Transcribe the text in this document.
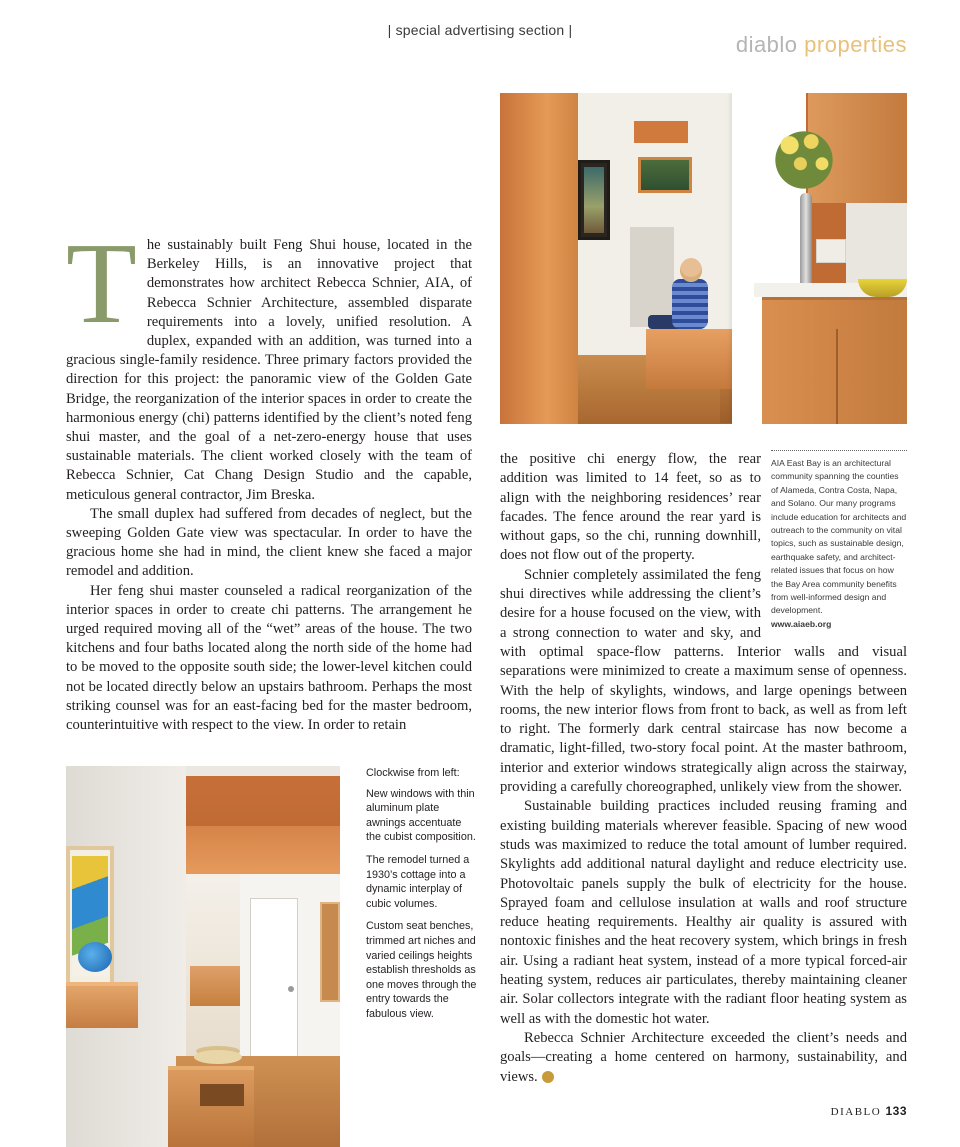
| special advertising section |
diablo properties

The sustainably built Feng Shui house, located in the Berkeley Hills, is an innovative project that demonstrates how architect Rebecca Schnier, AIA, of Rebecca Schnier Architecture, assembled disparate requirements into a lovely, unified resolution. A duplex, expanded with an addition, was turned into a gracious single-family residence. Three primary factors provided the direction for this project: the panoramic view of the Golden Gate Bridge, the reorganization of the interior spaces in order to create the harmonious energy (chi) patterns identified by the client’s noted feng shui master, and the goal of a net-zero-energy house that uses sustainable materials. The client worked closely with the team of Rebecca Schnier, Cat Chang Design Studio and the capable, meticulous general contractor, Jim Breska.

The small duplex had suffered from decades of neglect, but the sweeping Golden Gate view was spectacular. In order to have the gracious home she had in mind, the client knew she faced a major remodel and addition.

Her feng shui master counseled a radical reorganization of the interior spaces in order to create chi patterns. The arrangement he urged required moving all of the “wet” areas of the house. The two kitchens and four baths located along the north side of the home had to be moved to the opposite south side; the lower-level kitchen could not be located directly below an upstairs bathroom. Perhaps the most striking counsel was for an east-facing bed for the master bedroom, counterintuitive with respect to the view. In order to retain

AIA East Bay is an architectural community spanning the counties of Alameda, Contra Costa, Napa, and Solano. Our many programs include education for architects and outreach to the community on vital topics, such as sustainable design, earthquake safety, and architect-related issues that focus on how the Bay Area community benefits from well-informed design and development.
www.aiaeb.org

the positive chi energy flow, the rear addition was limited to 14 feet, so as to align with the neighboring residences’ rear facades. The fence around the rear yard is without gaps, so the chi, running downhill, does not flow out of the property.

Schnier completely assimilated the feng shui directives while addressing the client’s desire for a house focused on the view, with a strong connection to water and sky, and with optimal space-flow patterns. Interior walls and visual separations were minimized to create a maximum sense of openness. With the help of skylights, windows, and large openings between rooms, the new interior flows from front to back, as well as from left to right. The formerly dark central staircase has now become a dramatic, light-filled, two-story focal point. At the master bathroom, interior and exterior windows strategically align across the stairway, providing a carefully choreographed, unlikely view from the shower.

Sustainable building practices included reusing framing and existing building materials wherever feasible. Spacing of new wood studs was maximized to reduce the total amount of lumber required. Skylights add additional natural daylight and reduce electricity use. Photovoltaic panels supply the bulk of electricity for the house. Sprayed foam and cellulose insulation at walls and roof structure reduce heating requirements. Healthy air quality is assured with nontoxic finishes and the heat recovery system, which brings in fresh air. Using a radiant heat system, instead of a more typical forced-air heating system, reduces air particulates, thereby maintaining cleaner air. Solar collectors integrate with the radiant floor heating system as well as with the domestic hot water.

Rebecca Schnier Architecture exceeded the client’s needs and goals—creating a home centered on harmony, sustainability, and views.	D

Clockwise from left:

New windows with thin aluminum plate awnings accentuate the cubist composition.

The remodel turned a 1930’s cottage into a dynamic interplay of cubic volumes.

Custom seat benches, trimmed art niches and varied ceilings heights establish thresholds as one moves through the entry towards the fabulous view.

DIABLO 133
